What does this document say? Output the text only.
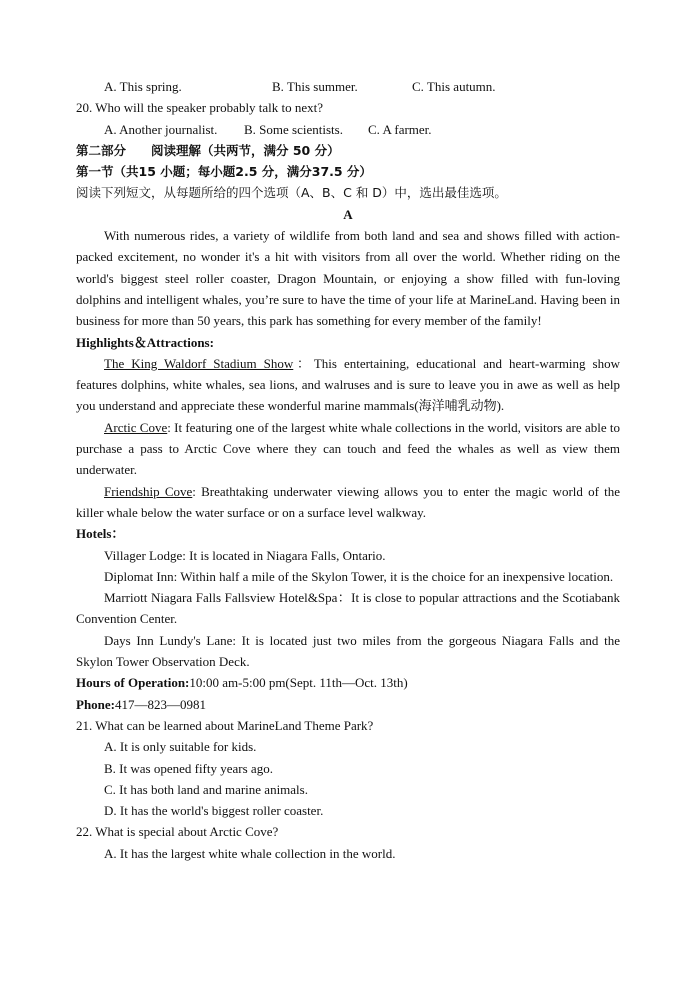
A. This spring.	B. This summer.	C. This autumn.
20. Who will the speaker probably talk to next?
A. Another journalist.	B. Some scientists.	C. A farmer.
第二部分　　阅读理解（共两节，满分 50 分）
第一节（共15 小题；每小题2.5 分，满分37.5 分）
阅读下列短文，从每题所给的四个选项（A、B、C 和 D）中，选出最佳选项。
A
With numerous rides, a variety of wildlife from both land and sea and shows filled with action-packed excitement, no wonder it's a hit with visitors from all over the world. Whether riding on the world's biggest steel roller coaster, Dragon Mountain, or enjoying a show filled with fun-loving dolphins and intelligent whales, you’re sure to have the time of your life at MarineLand. Having been in business for more than 50 years, this park has something for every member of the family!
Highlights＆Attractions:
The King Waldorf Stadium Show：This entertaining, educational and heart-warming show features dolphins, white whales, sea lions, and walruses and is sure to leave you in awe as well as help you understand and appreciate these wonderful marine mammals(海洋哺乳动物).
Arctic Cove: It featuring one of the largest white whale collections in the world, visitors are able to purchase a pass to Arctic Cove where they can touch and feed the whales as well as view them underwater.
Friendship Cove: Breathtaking underwater viewing allows you to enter the magic world of the killer whale below the water surface or on a surface level walkway.
Hotels：
Villager Lodge: It is located in Niagara Falls, Ontario.
Diplomat Inn: Within half a mile of the Skylon Tower, it is the choice for an inexpensive location.
Marriott Niagara Falls Fallsview Hotel&Spa：It is close to popular attractions and the Scotiabank Convention Center.
Days Inn Lundy's Lane: It is located just two miles from the gorgeous Niagara Falls and the Skylon Tower Observation Deck.
Hours of Operation:10:00 am-5:00 pm(Sept. 11th—Oct. 13th)
Phone:417—823—0981
21. What can be learned about MarineLand Theme Park?
A. It is only suitable for kids.
B. It was opened fifty years ago.
C. It has both land and marine animals.
D. It has the world's biggest roller coaster.
22. What is special about Arctic Cove?
A. It has the largest white whale collection in the world.
